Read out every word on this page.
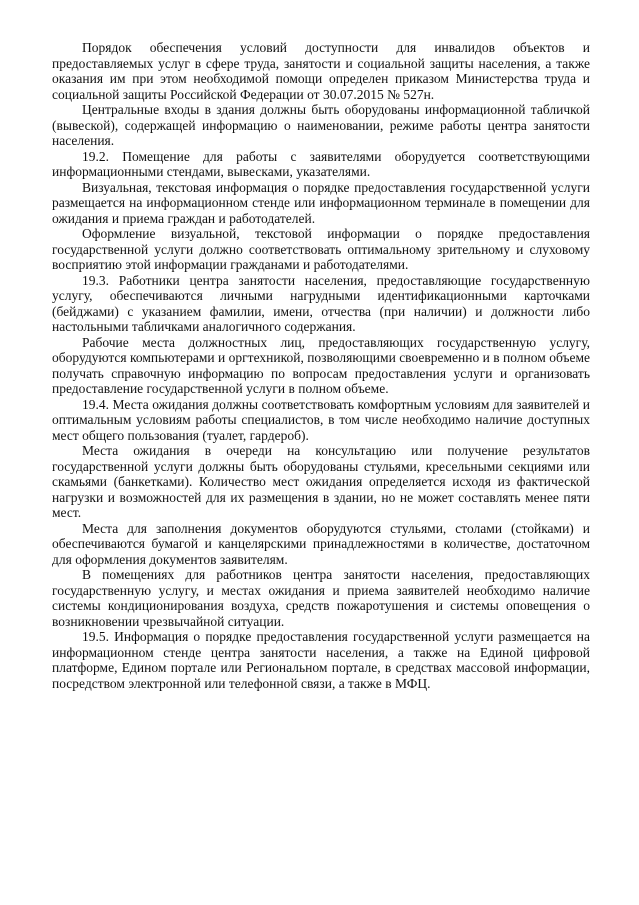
Порядок обеспечения условий доступности для инвалидов объектов и предоставляемых услуг в сфере труда, занятости и социальной защиты населения, а также оказания им при этом необходимой помощи определен приказом Министерства труда и социальной защиты Российской Федерации от 30.07.2015 № 527н.

Центральные входы в здания должны быть оборудованы информационной табличкой (вывеской), содержащей информацию о наименовании, режиме работы центра занятости населения.

19.2. Помещение для работы с заявителями оборудуется соответствующими информационными стендами, вывесками, указателями.

Визуальная, текстовая информация о порядке предоставления государственной услуги размещается на информационном стенде или информационном терминале в помещении для ожидания и приема граждан и работодателей.

Оформление визуальной, текстовой информации о порядке предоставления государственной услуги должно соответствовать оптимальному зрительному и слуховому восприятию этой информации гражданами и работодателями.

19.3. Работники центра занятости населения, предоставляющие государственную услугу, обеспечиваются личными нагрудными идентификационными карточками (бейджами) с указанием фамилии, имени, отчества (при наличии) и должности либо настольными табличками аналогичного содержания.

Рабочие места должностных лиц, предоставляющих государственную услугу, оборудуются компьютерами и оргтехникой, позволяющими своевременно и в полном объеме получать справочную информацию по вопросам предоставления услуги и организовать предоставление государственной услуги в полном объеме.

19.4. Места ожидания должны соответствовать комфортным условиям для заявителей и оптимальным условиям работы специалистов, в том числе необходимо наличие доступных мест общего пользования (туалет, гардероб).

Места ожидания в очереди на консультацию или получение результатов государственной услуги должны быть оборудованы стульями, кресельными секциями или скамьями (банкетками). Количество мест ожидания определяется исходя из фактической нагрузки и возможностей для их размещения в здании, но не может составлять менее пяти мест.

Места для заполнения документов оборудуются стульями, столами (стойками) и обеспечиваются бумагой и канцелярскими принадлежностями в количестве, достаточном для оформления документов заявителям.

В помещениях для работников центра занятости населения, предоставляющих государственную услугу, и местах ожидания и приема заявителей необходимо наличие системы кондиционирования воздуха, средств пожаротушения и системы оповещения о возникновении чрезвычайной ситуации.

19.5. Информация о порядке предоставления государственной услуги размещается на информационном стенде центра занятости населения, а также на Единой цифровой платформе, Едином портале или Региональном портале, в средствах массовой информации, посредством электронной или телефонной связи, а также в МФЦ.
